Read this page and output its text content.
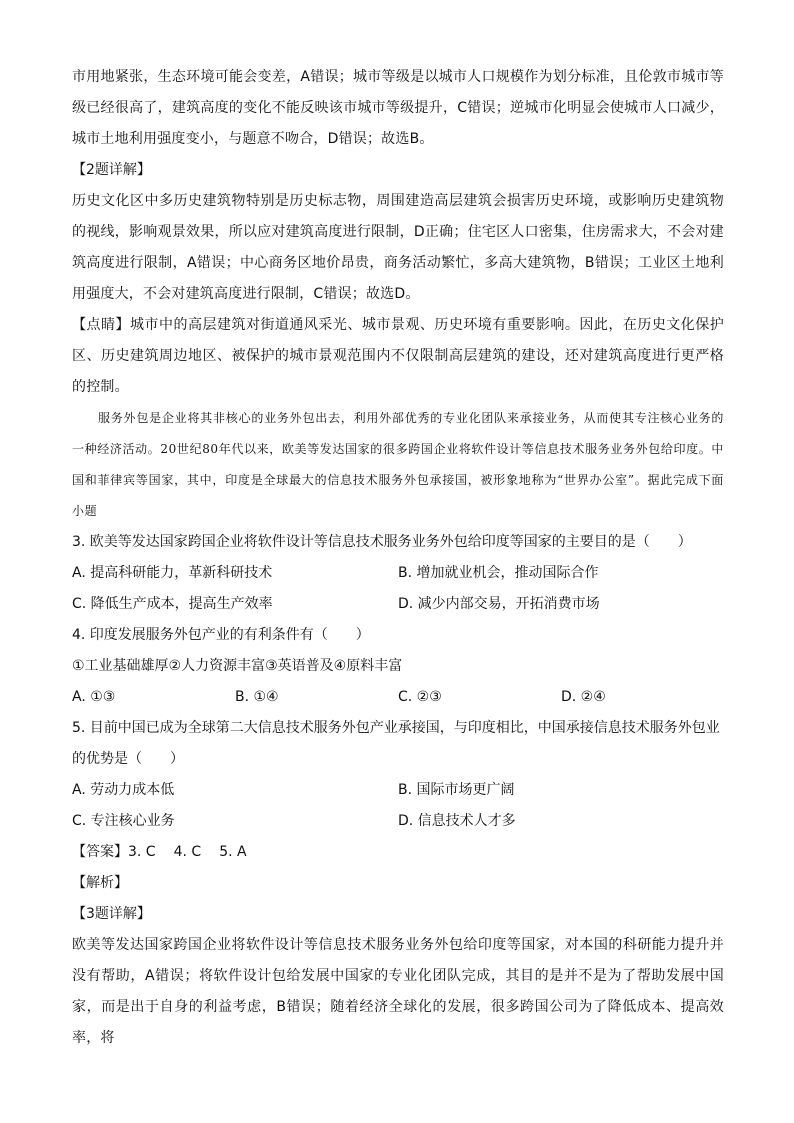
市用地紧张，生态环境可能会变差，A错误；城市等级是以城市人口规模作为划分标准，且伦敦市城市等级已经很高了，建筑高度的变化不能反映该市城市等级提升，C错误；逆城市化明显会使城市人口减少，城市土地利用强度变小，与题意不吻合，D错误；故选B。

【2题详解】

历史文化区中多历史建筑物特别是历史标志物，周围建造高层建筑会损害历史环境，或影响历史建筑物的视线，影响观景效果，所以应对建筑高度进行限制，D正确；住宅区人口密集，住房需求大，不会对建筑高度进行限制，A错误；中心商务区地价昂贵，商务活动繁忙，多高大建筑物，B错误；工业区土地利用强度大，不会对建筑高度进行限制，C错误；故选D。

【点睛】城市中的高层建筑对街道通风采光、城市景观、历史环境有重要影响。因此，在历史文化保护区、历史建筑周边地区、被保护的城市景观范围内不仅限制高层建筑的建设，还对建筑高度进行更严格的控制。

服务外包是企业将其非核心的业务外包出去，利用外部优秀的专业化团队来承接业务，从而使其专注核心业务的一种经济活动。20世纪80年代以来，欧美等发达国家的很多跨国企业将软件设计等信息技术服务业务外包给印度。中国和菲律宾等国家，其中，印度是全球最大的信息技术服务外包承接国，被形象地称为“世界办公室”。据此完成下面小题

3. 欧美等发达国家跨国企业将软件设计等信息技术服务业务外包给印度等国家的主要目的是（　　）

A. 提高科研能力，革新科研技术	B. 增加就业机会，推动国际合作
C. 降低生产成本，提高生产效率	D. 减少内部交易，开拓消费市场

4. 印度发展服务外包产业的有利条件有（　　）

①工业基础雄厚②人力资源丰富③英语普及④原料丰富

A. ①③	B. ①④	C. ②③	D. ②④

5. 目前中国已成为全球第二大信息技术服务外包产业承接国，与印度相比，中国承接信息技术服务外包业的优势是（　　）

A. 劳动力成本低	B. 国际市场更广阔
C. 专注核心业务	D. 信息技术人才多
【答案】3. C 4. C 5. A

【解析】

【3题详解】

欧美等发达国家跨国企业将软件设计等信息技术服务业务外包给印度等国家，对本国的科研能力提升并没有帮助，A错误；将软件设计包给发展中国家的专业化团队完成，其目的是并不是为了帮助发展中国家，而是出于自身的利益考虑，B错误；随着经济全球化的发展，很多跨国公司为了降低成本、提高效率，将
